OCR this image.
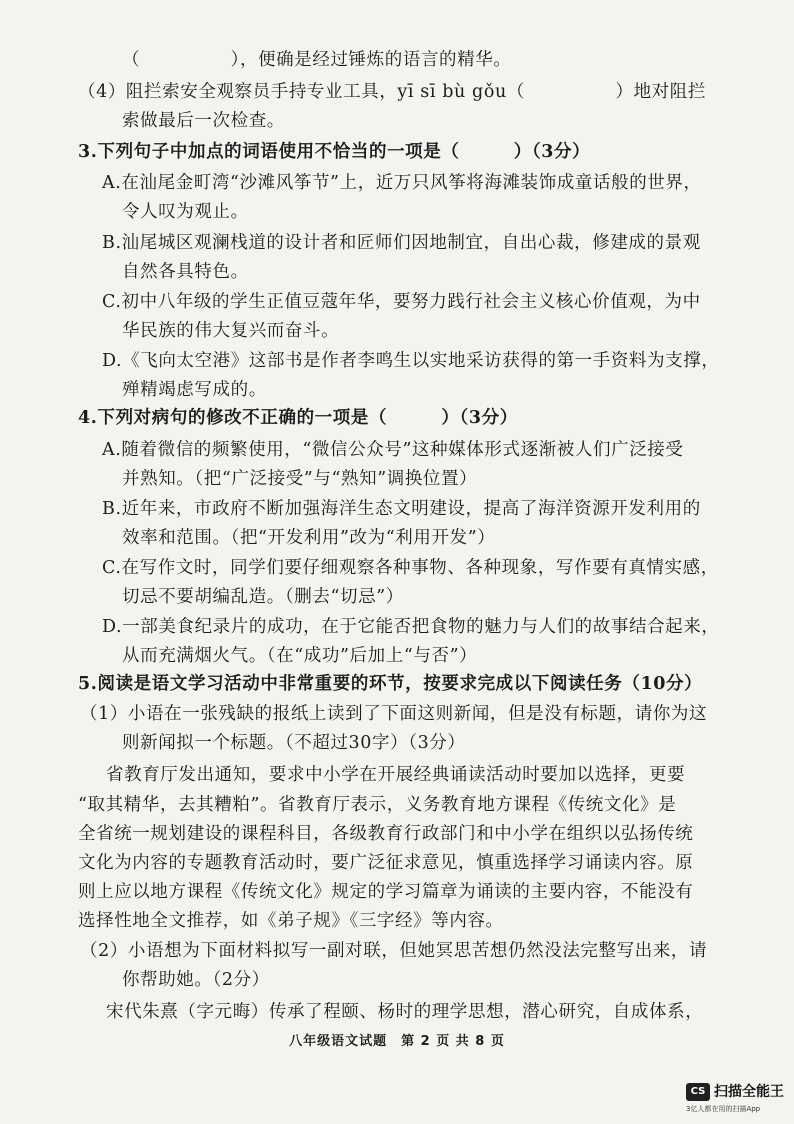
（　　　　　），便确是经过锤炼的语言的精华。
（4）阻拦索安全观察员手持专业工具，yī sī bù gǒu（　　　　　）地对阻拦
索做最后一次检查。
3.下列句子中加点的词语使用不恰当的一项是（　　　）（3分）
A.在汕尾金町湾“沙滩风筝节”上，近万只风筝将海滩装饰成童话般的世界，
令人叹为观止。
B.汕尾城区观澜栈道的设计者和匠师们因地制宜，自出心裁，修建成的景观
自然各具特色。
C.初中八年级的学生正值豆蔻年华，要努力践行社会主义核心价值观，为中
华民族的伟大复兴而奋斗。
D.《飞向太空港》这部书是作者李鸣生以实地采访获得的第一手资料为支撑，
殚精竭虑写成的。
4.下列对病句的修改不正确的一项是（　　　）（3分）
A.随着微信的频繁使用，“微信公众号”这种媒体形式逐渐被人们广泛接受
并熟知。（把“广泛接受”与“熟知”调换位置）
B.近年来，市政府不断加强海洋生态文明建设，提高了海洋资源开发利用的
效率和范围。（把“开发利用”改为“利用开发”）
C.在写作文时，同学们要仔细观察各种事物、各种现象，写作要有真情实感，
切忌不要胡编乱造。（删去“切忌”）
D.一部美食纪录片的成功，在于它能否把食物的魅力与人们的故事结合起来，
从而充满烟火气。（在“成功”后加上“与否”）
5.阅读是语文学习活动中非常重要的环节，按要求完成以下阅读任务（10分）
（1）小语在一张残缺的报纸上读到了下面这则新闻，但是没有标题，请你为这
则新闻拟一个标题。（不超过30字）（3分）
省教育厅发出通知，要求中小学在开展经典诵读活动时要加以选择，更要
“取其精华，去其糟粕”。省教育厅表示，义务教育地方课程《传统文化》是
全省统一规划建设的课程科目，各级教育行政部门和中小学在组织以弘扬传统
文化为内容的专题教育活动时，要广泛征求意见，慎重选择学习诵读内容。原
则上应以地方课程《传统文化》规定的学习篇章为诵读的主要内容，不能没有
选择性地全文推荐，如《弟子规》《三字经》等内容。
（2）小语想为下面材料拟写一副对联，但她冥思苦想仍然没法完整写出来，请
你帮助她。（2分）
宋代朱熹（字元晦）传承了程颐、杨时的理学思想，潜心研究，自成体系，
八年级语文试题　第 2 页 共 8 页
CS 扫描全能王
3亿人都在用的扫描App
